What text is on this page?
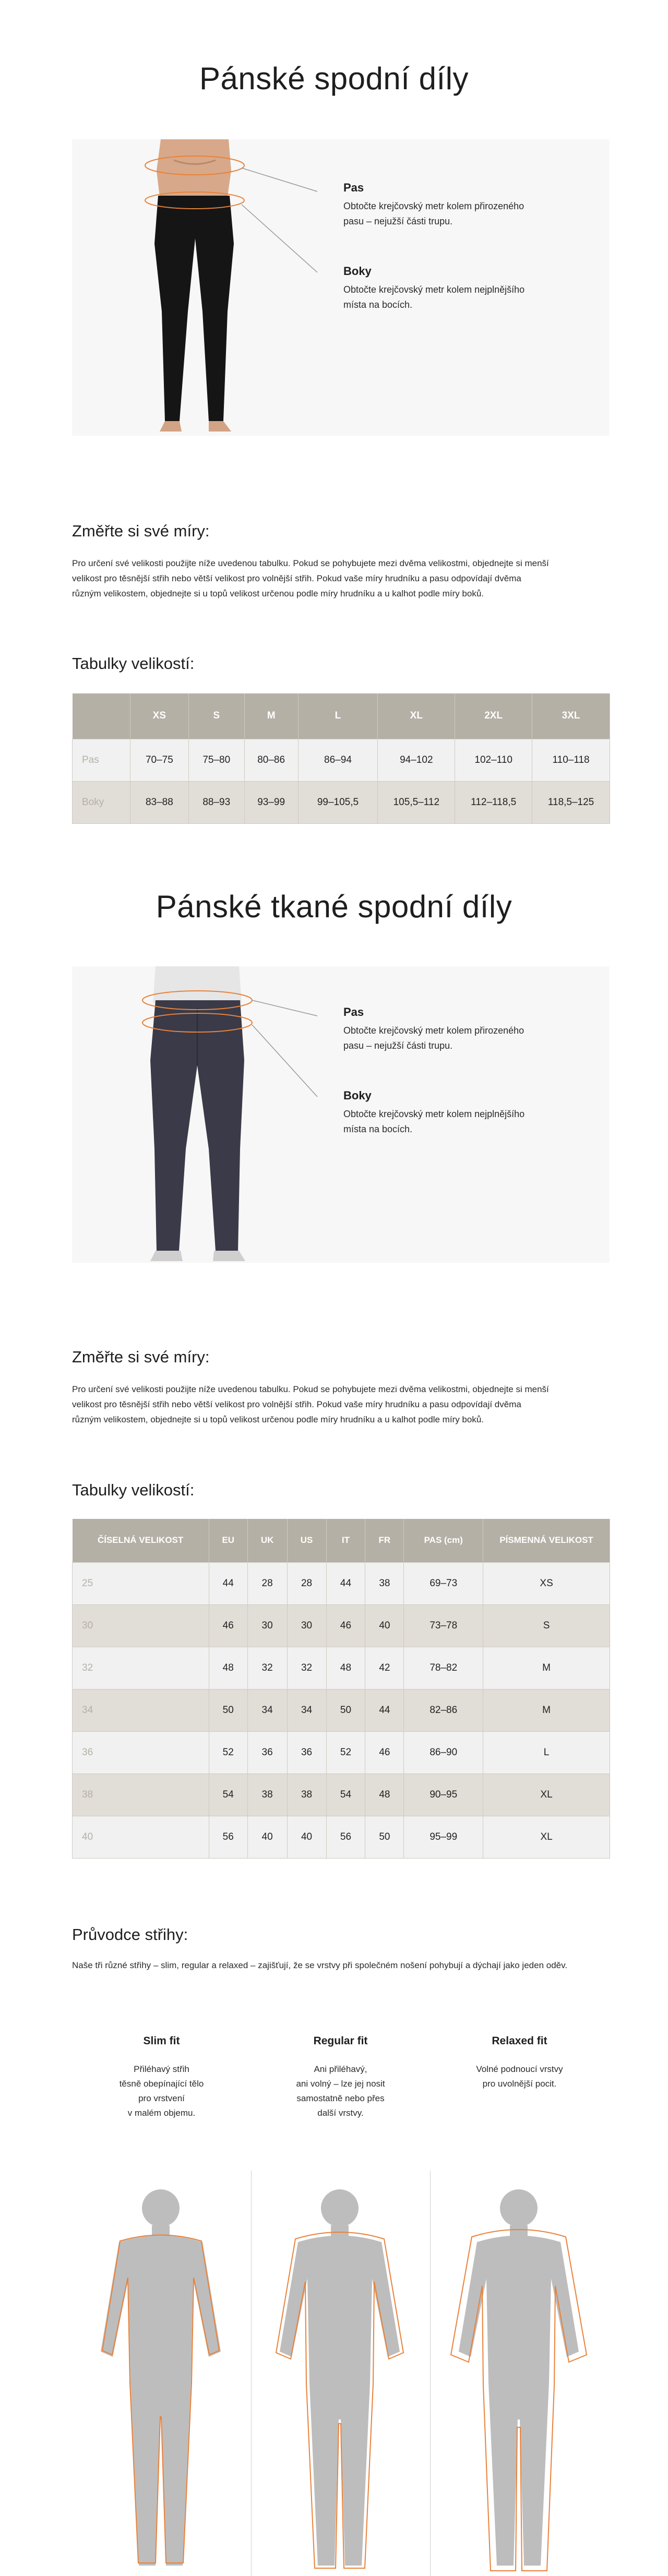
Pánské spodní díly
Pas

Obtočte krejčovský metr kolem přirozeného pasu – nejužší části trupu.

Boky

Obtočte krejčovský metr kolem nejplnějšího místa na bocích.

Změřte si své míry:

Pro určení své velikosti použijte níže uvedenou tabulku. Pokud se pohybujete mezi dvěma velikostmi, objednejte si menší velikost pro těsnější střih nebo větší velikost pro volnější střih. Pokud vaše míry hrudníku a pasu odpovídají dvěma různým velikostem, objednejte si u topů velikost určenou podle míry hrudníku a u kalhot podle míry boků.

Tabulky velikostí:
	XS	S	M	L	XL	2XL	3XL
Pas	70–75	75–80	80–86	86–94	94–102	102–110	110–118
Boky	83–88	88–93	93–99	99–105,5	105,5–112	112–118,5	118,5–125
Pánské tkané spodní díly
Pas

Obtočte krejčovský metr kolem přirozeného pasu – nejužší části trupu.

Boky

Obtočte krejčovský metr kolem nejplnějšího místa na bocích.

Změřte si své míry:

Pro určení své velikosti použijte níže uvedenou tabulku. Pokud se pohybujete mezi dvěma velikostmi, objednejte si menší velikost pro těsnější střih nebo větší velikost pro volnější střih. Pokud vaše míry hrudníku a pasu odpovídají dvěma různým velikostem, objednejte si u topů velikost určenou podle míry hrudníku a u kalhot podle míry boků.

Tabulky velikostí:
ČÍSELNÁ VELIKOST	EU	UK	US	IT	FR	PAS (cm)	PÍSMENNÁ VELIKOST
25	44	28	28	44	38	69–73	XS
30	46	30	30	46	40	73–78	S
32	48	32	32	48	42	78–82	M
34	50	34	34	50	44	82–86	M
36	52	36	36	52	46	86–90	L
38	54	38	38	54	48	90–95	XL
40	56	40	40	56	50	95–99	XL
Průvodce střihy:

Naše tři různé střihy – slim, regular a relaxed – zajišťují, že se vrstvy při společném nošení pohybují a dýchají jako jeden oděv.

Slim fit

Přiléhavý střih

těsně obepínající tělo

pro vrstvení

v malém objemu.

Regular fit

Ani přiléhavý,

ani volný – lze jej nosit

samostatně nebo přes

další vrstvy.

Relaxed fit

Volné podnoucí vrstvy

pro uvolnější pocit.
